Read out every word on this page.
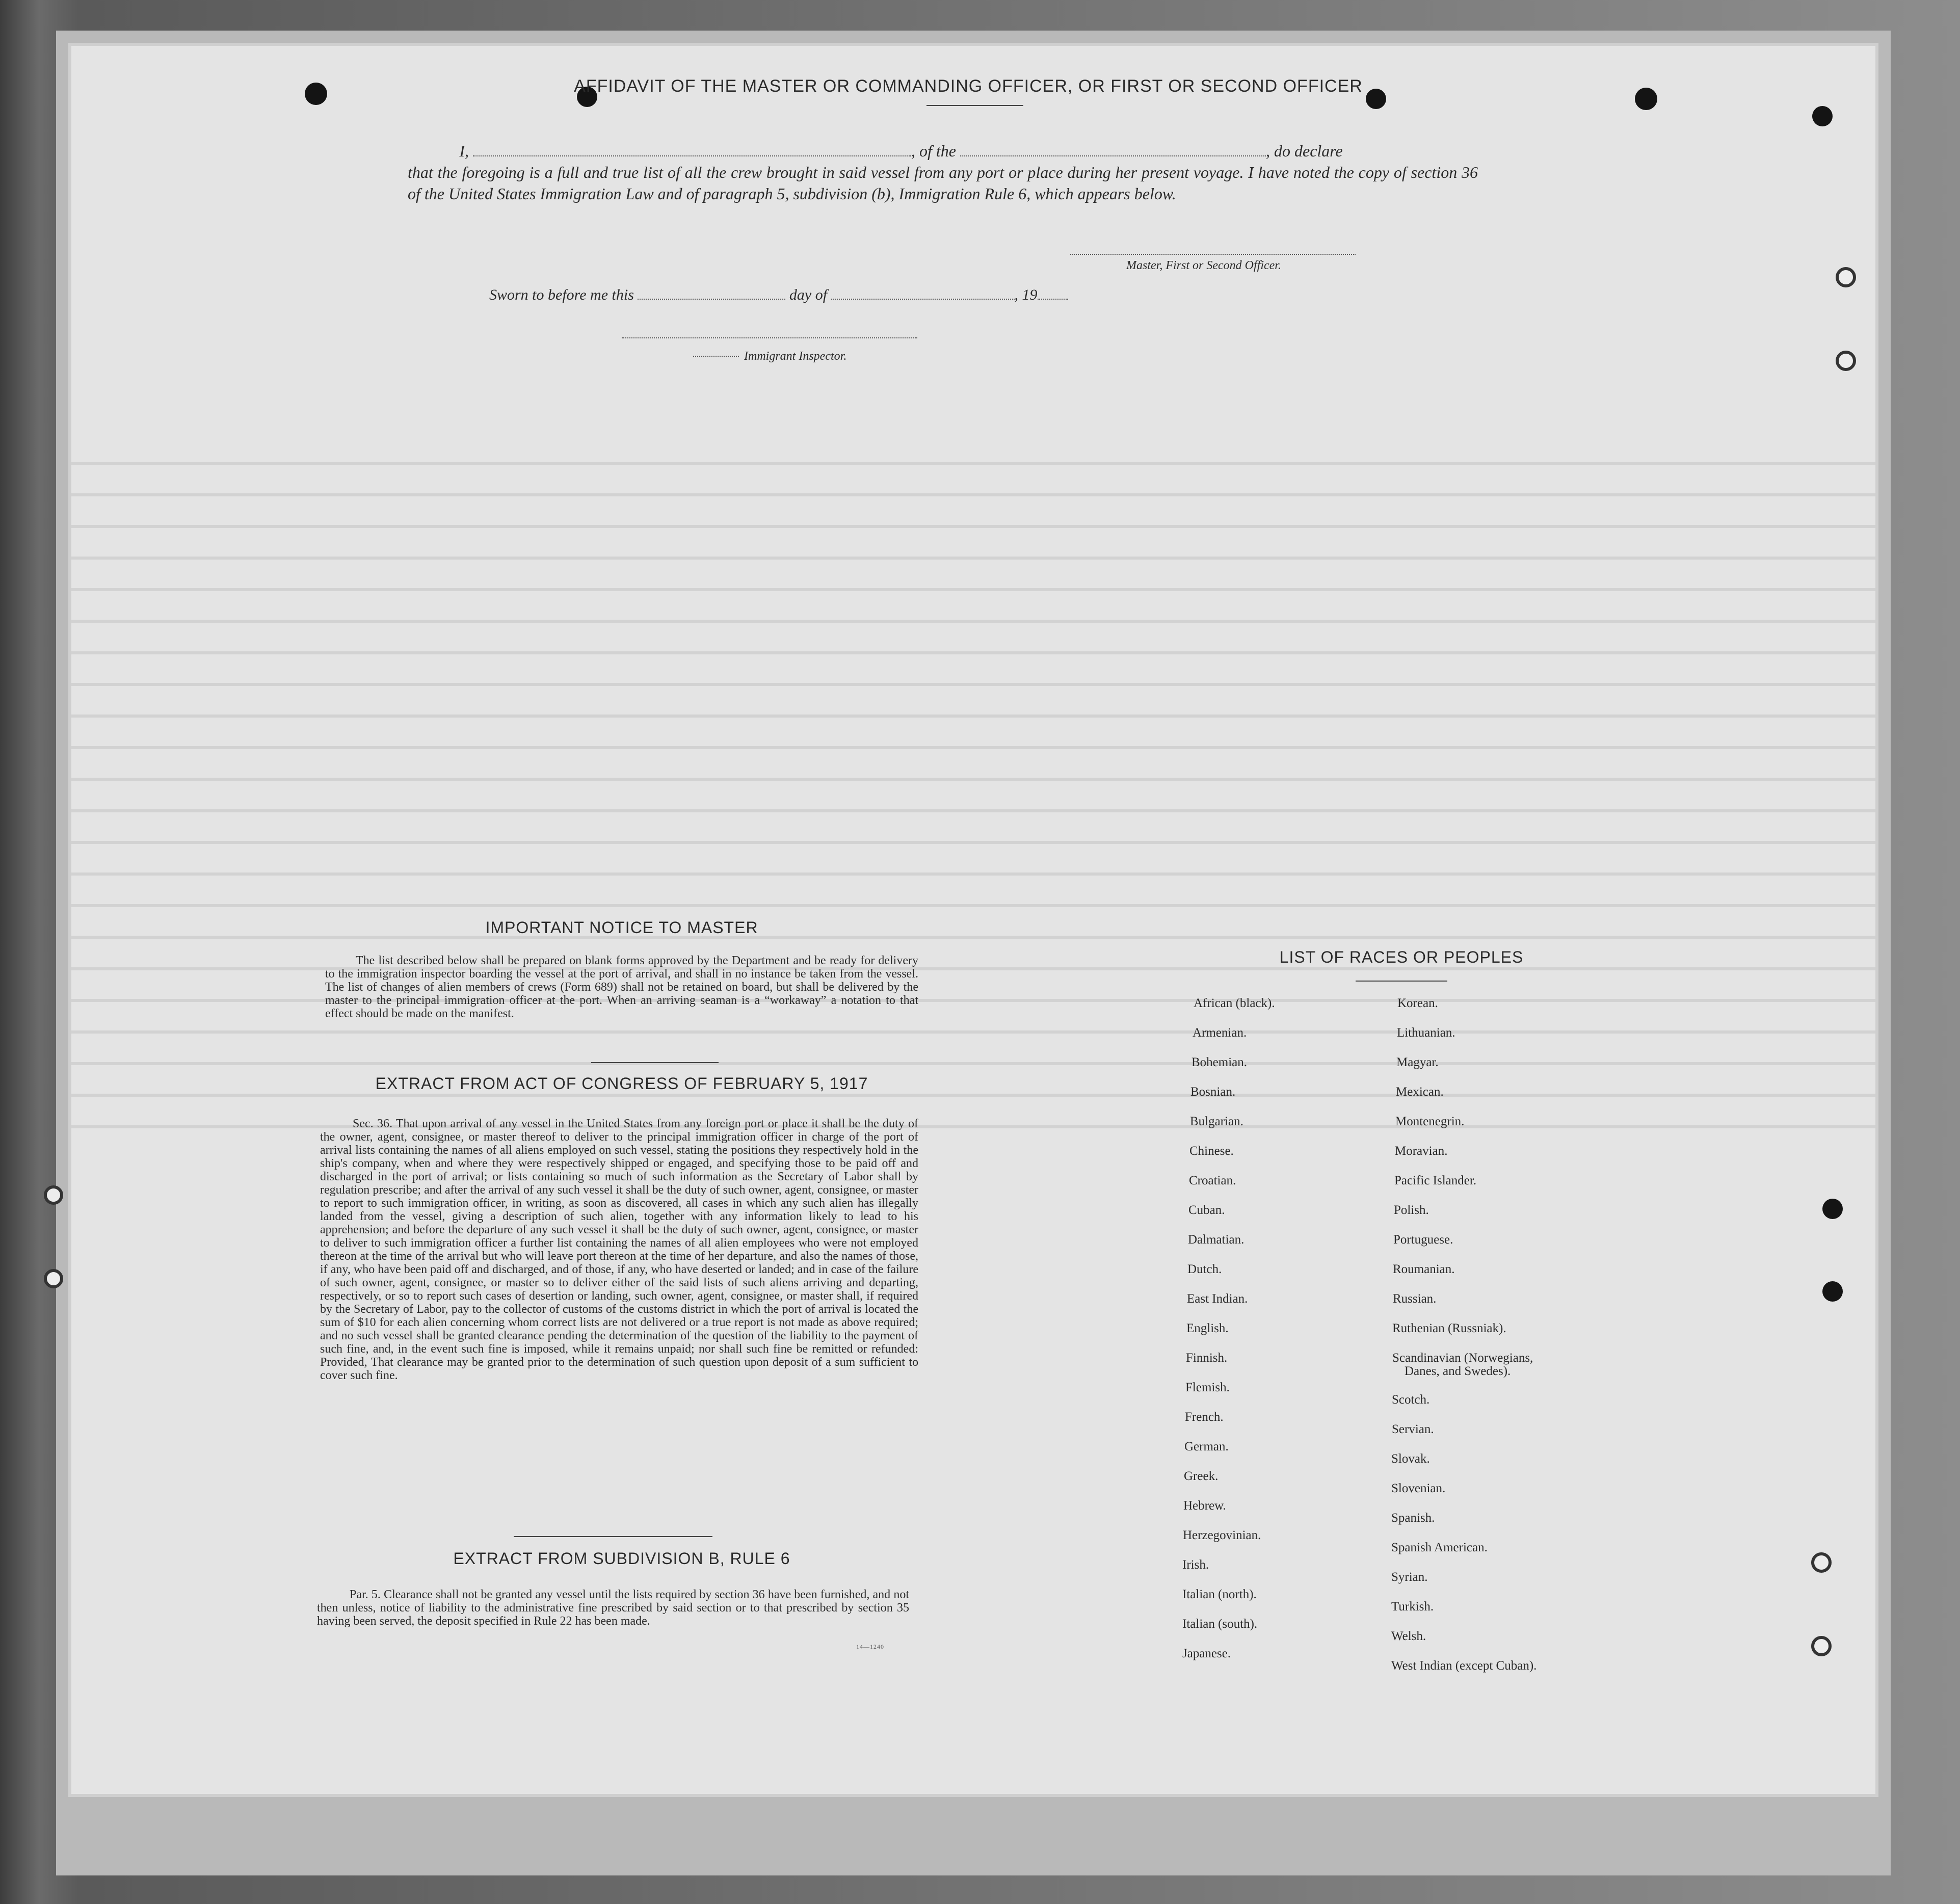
AFFIDAVIT OF THE MASTER OR COMMANDING OFFICER, OR FIRST OR SECOND OFFICER
I,	, of the	, do declare
that the foregoing is a full and true list of all the crew brought in said vessel from any port or place during her present voyage. I have noted the copy of section 36 of the United States Immigration Law and of paragraph 5, subdivision (b), Immigration Rule 6, which appears below.
Master, First or Second Officer.
Sworn to before me this	day of	, 19
Immigrant Inspector.
IMPORTANT NOTICE TO MASTER
The list described below shall be prepared on blank forms approved by the Department and be ready for delivery to the immigration inspector boarding the vessel at the port of arrival, and shall in no instance be taken from the vessel. The list of changes of alien members of crews (Form 689) shall not be retained on board, but shall be delivered by the master to the principal immigration officer at the port. When an arriving seaman is a “workaway” a notation to that effect should be made on the manifest.
EXTRACT FROM ACT OF CONGRESS OF FEBRUARY 5, 1917
Sec. 36. That upon arrival of any vessel in the United States from any foreign port or place it shall be the duty of the owner, agent, consignee, or master thereof to deliver to the principal immigration officer in charge of the port of arrival lists containing the names of all aliens employed on such vessel, stating the positions they respectively hold in the ship's company, when and where they were respectively shipped or engaged, and specifying those to be paid off and discharged in the port of arrival; or lists containing so much of such information as the Secretary of Labor shall by regulation prescribe; and after the arrival of any such vessel it shall be the duty of such owner, agent, consignee, or master to report to such immigration officer, in writing, as soon as discovered, all cases in which any such alien has illegally landed from the vessel, giving a description of such alien, together with any information likely to lead to his apprehension; and before the departure of any such vessel it shall be the duty of such owner, agent, consignee, or master to deliver to such immigration officer a further list containing the names of all alien employees who were not employed thereon at the time of the arrival but who will leave port thereon at the time of her departure, and also the names of those, if any, who have been paid off and discharged, and of those, if any, who have deserted or landed; and in case of the failure of such owner, agent, consignee, or master so to deliver either of the said lists of such aliens arriving and departing, respectively, or so to report such cases of desertion or landing, such owner, agent, consignee, or master shall, if required by the Secretary of Labor, pay to the collector of customs of the customs district in which the port of arrival is located the sum of $10 for each alien concerning whom correct lists are not delivered or a true report is not made as above required; and no such vessel shall be granted clearance pending the determination of the question of the liability to the payment of such fine, and, in the event such fine is imposed, while it remains unpaid; nor shall such fine be remitted or refunded: Provided, That clearance may be granted prior to the determination of such question upon deposit of a sum sufficient to cover such fine.
EXTRACT FROM SUBDIVISION B, RULE 6
Par. 5. Clearance shall not be granted any vessel until the lists required by section 36 have been furnished, and not then unless, notice of liability to the administrative fine prescribed by said section or to that prescribed by section 35 having been served, the deposit specified in Rule 22 has been made.
14—1240
LIST OF RACES OR PEOPLES
African (black).
Armenian.
Bohemian.
Bosnian.
Bulgarian.
Chinese.
Croatian.
Cuban.
Dalmatian.
Dutch.
East Indian.
English.
Finnish.
Flemish.
French.
German.
Greek.
Hebrew.
Herzegovinian.
Irish.
Italian (north).
Italian (south).
Japanese.
Korean.
Lithuanian.
Magyar.
Mexican.
Montenegrin.
Moravian.
Pacific Islander.
Polish.
Portuguese.
Roumanian.
Russian.
Ruthenian (Russniak).
Scandinavian (Norwegians,
Danes, and Swedes).
Scotch.
Servian.
Slovak.
Slovenian.
Spanish.
Spanish American.
Syrian.
Turkish.
Welsh.
West Indian (except Cuban).
